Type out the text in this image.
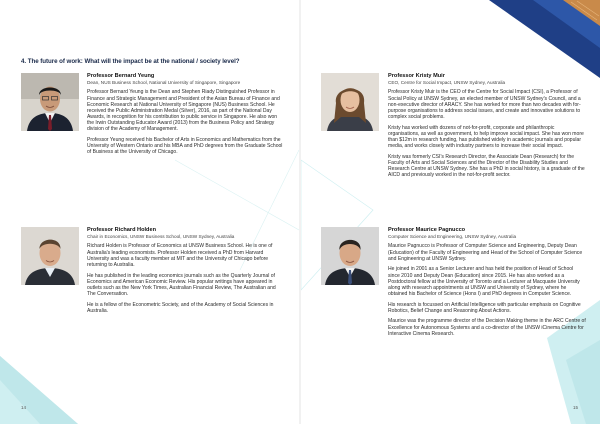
4. The future of work: What will the impact be at the national / society level?
Professor Bernard Yeung
Dean, NUS Business School, National University of Singapore, Singapore

Professor Bernard Yeung is the Dean and Stephen Riady Distinguished Professor in Finance and Strategic Management and President of the Asian Bureau of Finance and Economic Research at National University of Singapore (NUS) Business School. He received the Public Administration Medal (Silver), 2016, as part of the National Day Awards, in recognition for his contribution to public service in Singapore. He also won the Irwin Outstanding Educator Award (2013) from the Business Policy and Strategy division of the Academy of Management.

Professor Yeung received his Bachelor of Arts in Economics and Mathematics from the University of Western Ontario and his MBA and PhD degrees from the Graduate School of Business at the University of Chicago.

Professor Richard Holden
Chair in Economics, UNSW Business School, UNSW Sydney, Australia

Richard Holden is Professor of Economics at UNSW Business School. He is one of Australia's leading economists. Professor Holden received a PhD from Harvard University and was a faculty member at MIT and the University of Chicago before returning to Australia.

He has published in the leading economics journals such as the Quarterly Journal of Economics and American Economic Review. His popular writings have appeared in outlets such as the New York Times, Australian Financial Review, The Australian and The Conversation.

He is a fellow of the Econometric Society, and of the Academy of Social Sciences in Australia.

14
Professor Kristy Muir
CEO, Centre for Social Impact, UNSW Sydney, Australia

Professor Kristy Muir is the CEO of the Centre for Social Impact (CSI), a Professor of Social Policy at UNSW Sydney, an elected member of UNSW Sydney's Council, and a non-executive director of ARACY. She has worked for more than two decades with for-purpose organisations to address social issues, and create and innovative solutions to complex social problems.

Kristy has worked with dozens of not-for-profit, corporate and philanthropic organisations, as well as government, to help improve social impact. She has won more than $12m in research funding, has published widely in academic journals and popular media, and works closely with industry partners to increase their social impact.

Kristy was formerly CSI's Research Director, the Associate Dean (Research) for the Faculty of Arts and Social Sciences and the Director of the Disability Studies and Research Centre at UNSW Sydney. She has a PhD in social history, is a graduate of the AICD and previously worked in the not-for-profit sector.

Professor Maurice Pagnucco
Computer Science and Engineering, UNSW Sydney, Australia

Maurice Pagnucco is Professor of Computer Science and Engineering, Deputy Dean (Education) of the Faculty of Engineering and Head of the School of Computer Science and Engineering at UNSW Sydney.

He joined in 2001 as a Senior Lecturer and has held the position of Head of School since 2010 and Deputy Dean (Education) since 2015. He has also worked as a Postdoctoral fellow at the University of Toronto and a Lecturer at Macquarie University along with research appointments at UNSW and University of Sydney, where he obtained his Bachelor of Science (Hons I) and PhD degrees in Computer Science.

His research is focussed on Artificial Intelligence with particular emphasis on Cognitive Robotics, Belief Change and Reasoning About Actions.

Maurice was the programme director of the Decision Making theme in the ARC Centre of Excellence for Autonomous Systems and a co-director of the UNSW iCinema Centre for Interactive Cinema Research.

15
